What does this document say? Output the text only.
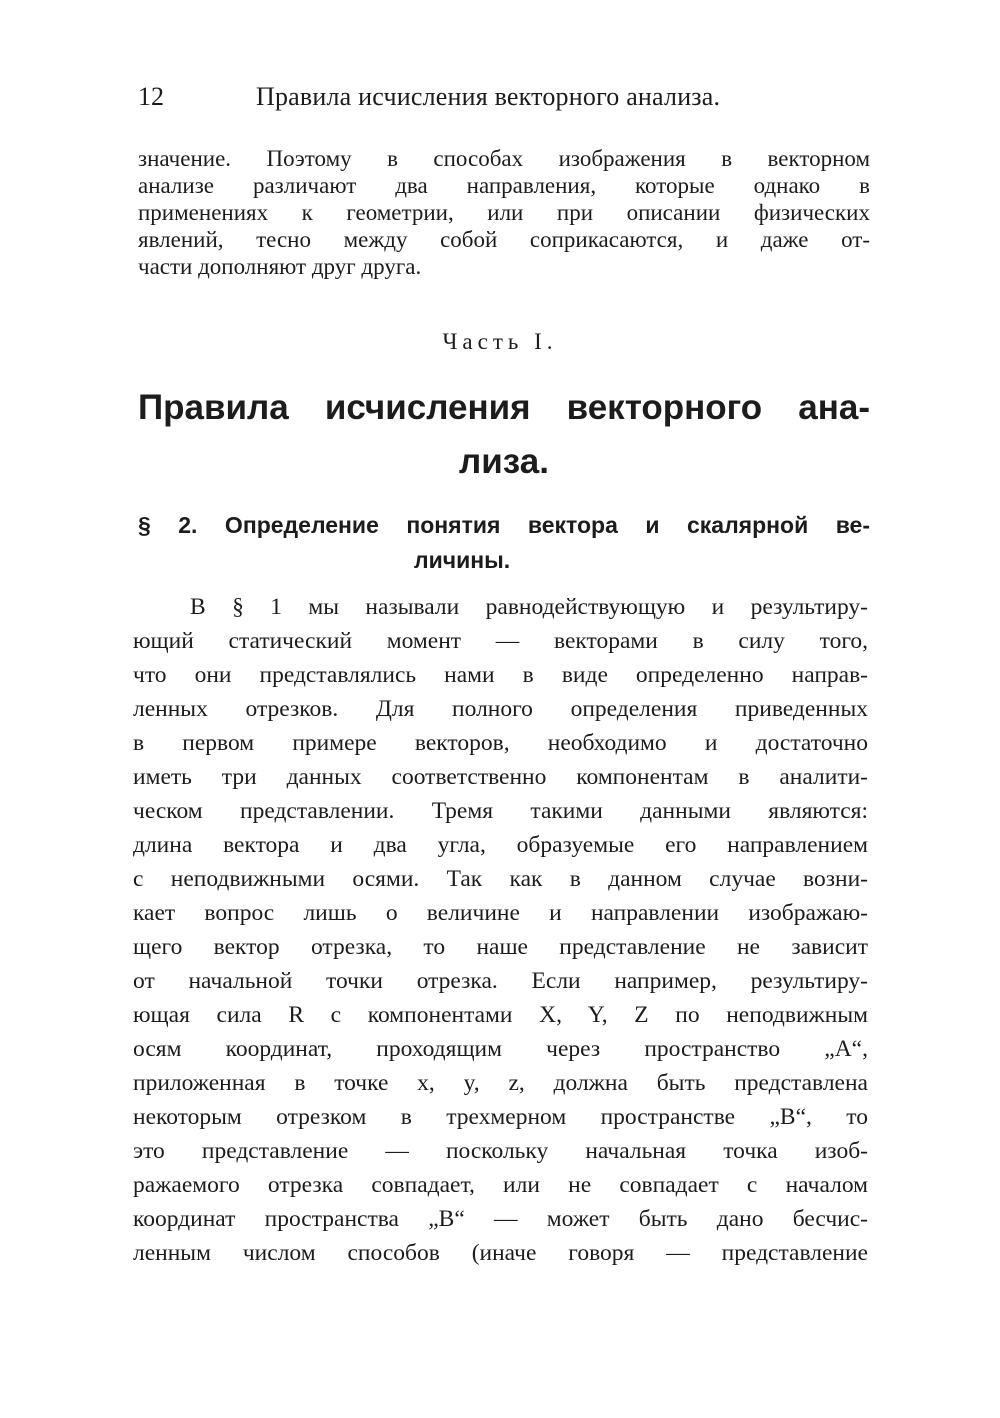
12	Правила исчисления векторного анализа.
значение. Поэтому в способах изображения в векторном
анализе различают два направления, которые однако в
применениях к геометрии, или при описании физических
явлений, тесно между собой соприкасаются, и даже от-
части дополняют друг друга.
Часть I.
Правила исчисления векторного ана-
лиза.
§ 2. Определение понятия вектора и скалярной ве-
личины.
В § 1 мы называли равнодействующую и результиру-
ющий статический момент — векторами в силу того,
что они представлялись нами в виде определенно направ-
ленных отрезков. Для полного определения приведенных
в первом примере векторов, необходимо и достаточно
иметь три данных соответственно компонентам в аналити-
ческом представлении. Тремя такими данными являются:
длина вектора и два угла, образуемые его направлением
с неподвижными осями. Так как в данном случае возни-
кает вопрос лишь о величине и направлении изображаю-
щего вектор отрезка, то наше представление не зависит
от начальной точки отрезка. Если например, результиру-
ющая сила R с компонентами X, Y, Z по неподвижным
осям координат, проходящим через пространство „A“,
приложенная в точке x, y, z, должна быть представлена
некоторым отрезком в трехмерном пространстве „B“, то
это представление — поскольку начальная точка изоб-
ражаемого отрезка совпадает, или не совпадает с началом
координат пространства „B“ — может быть дано бесчис-
ленным числом способов (иначе говоря — представление
